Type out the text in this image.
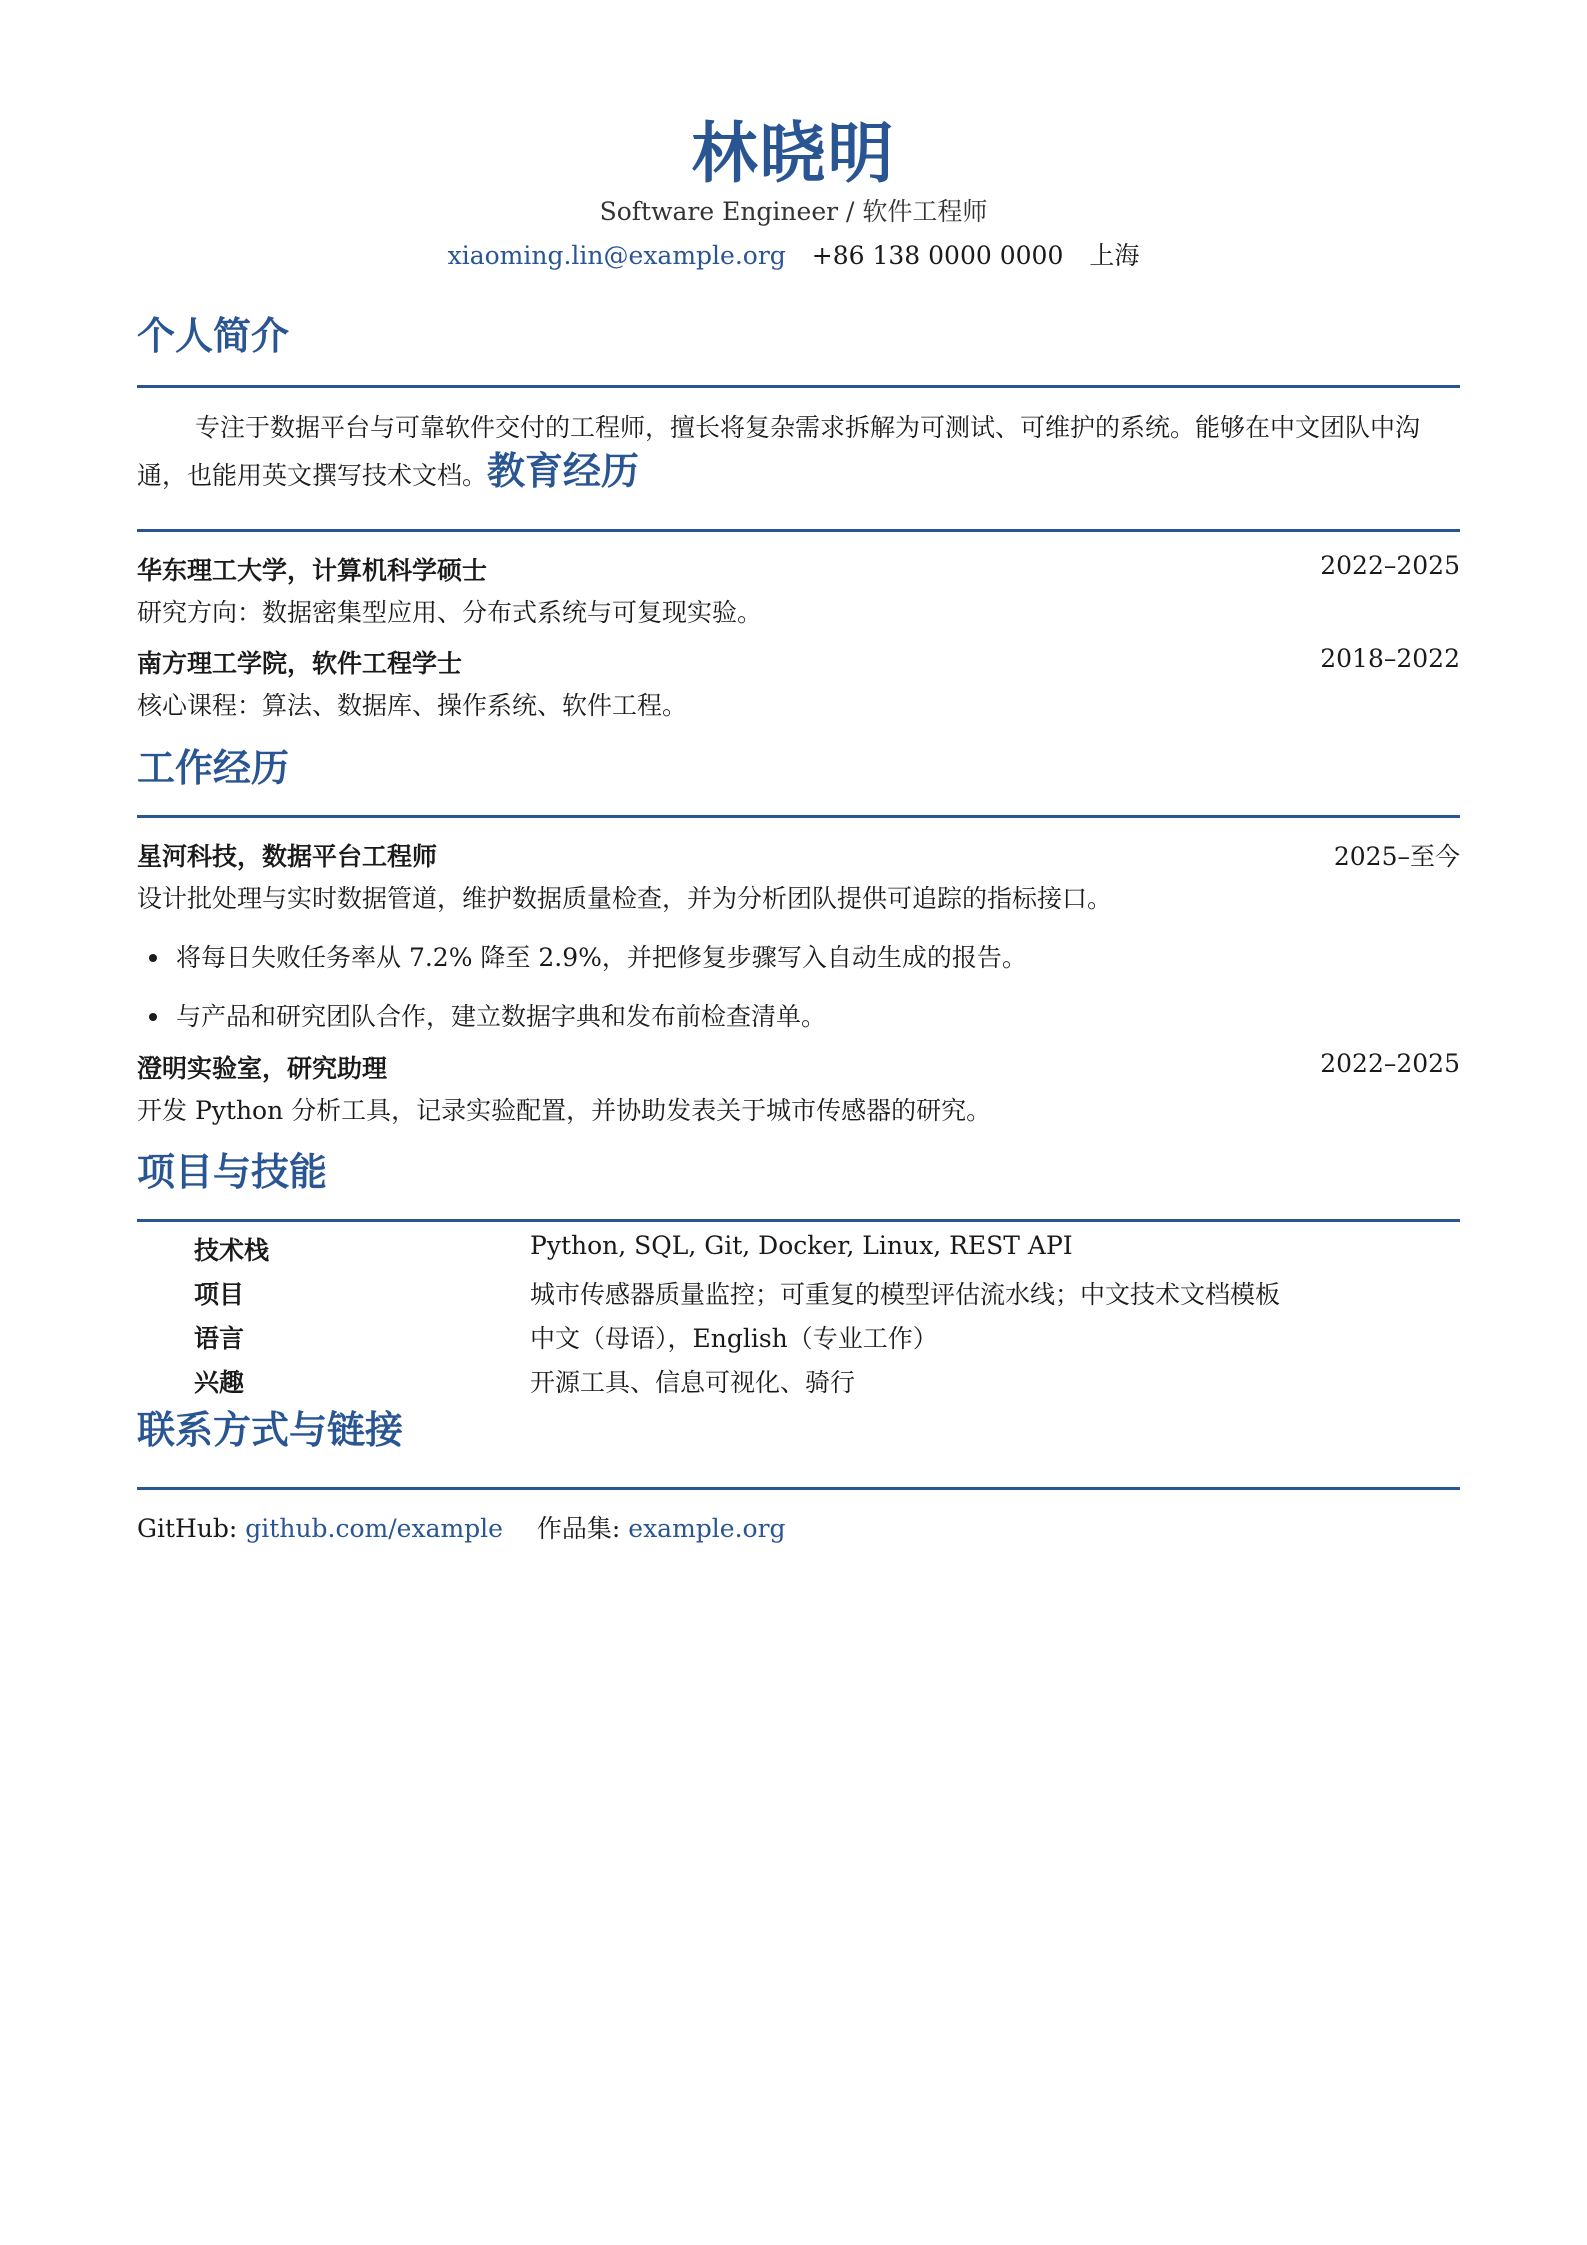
林晓明
Software Engineer / 软件工程师
xiaoming.lin@example.org +86 138 0000 0000 上海
个人简介
专注于数据平台与可靠软件交付的工程师，擅长将复杂需求拆解为可测试、可维护的系统。能够在中文团队中沟通，也能用英文撰写技术文档。教育经历
华东理工大学，计算机科学硕士	2022–2025
研究方向：数据密集型应用、分布式系统与可复现实验。
南方理工学院，软件工程学士	2018–2022
核心课程：算法、数据库、操作系统、软件工程。
工作经历
星河科技，数据平台工程师	2025–至今
设计批处理与实时数据管道，维护数据质量检查，并为分析团队提供可追踪的指标接口。
将每日失败任务率从 7.2% 降至 2.9%，并把修复步骤写入自动生成的报告。
与产品和研究团队合作，建立数据字典和发布前检查清单。
澄明实验室，研究助理	2022–2025
开发 Python 分析工具，记录实验配置，并协助发表关于城市传感器的研究。
项目与技能
技术栈	Python, SQL, Git, Docker, Linux, REST API
项目	城市传感器质量监控；可重复的模型评估流水线；中文技术文档模板
语言	中文（母语），English（专业工作）
兴趣	开源工具、信息可视化、骑行
联系方式与链接
GitHub: github.com/example 作品集: example.org
